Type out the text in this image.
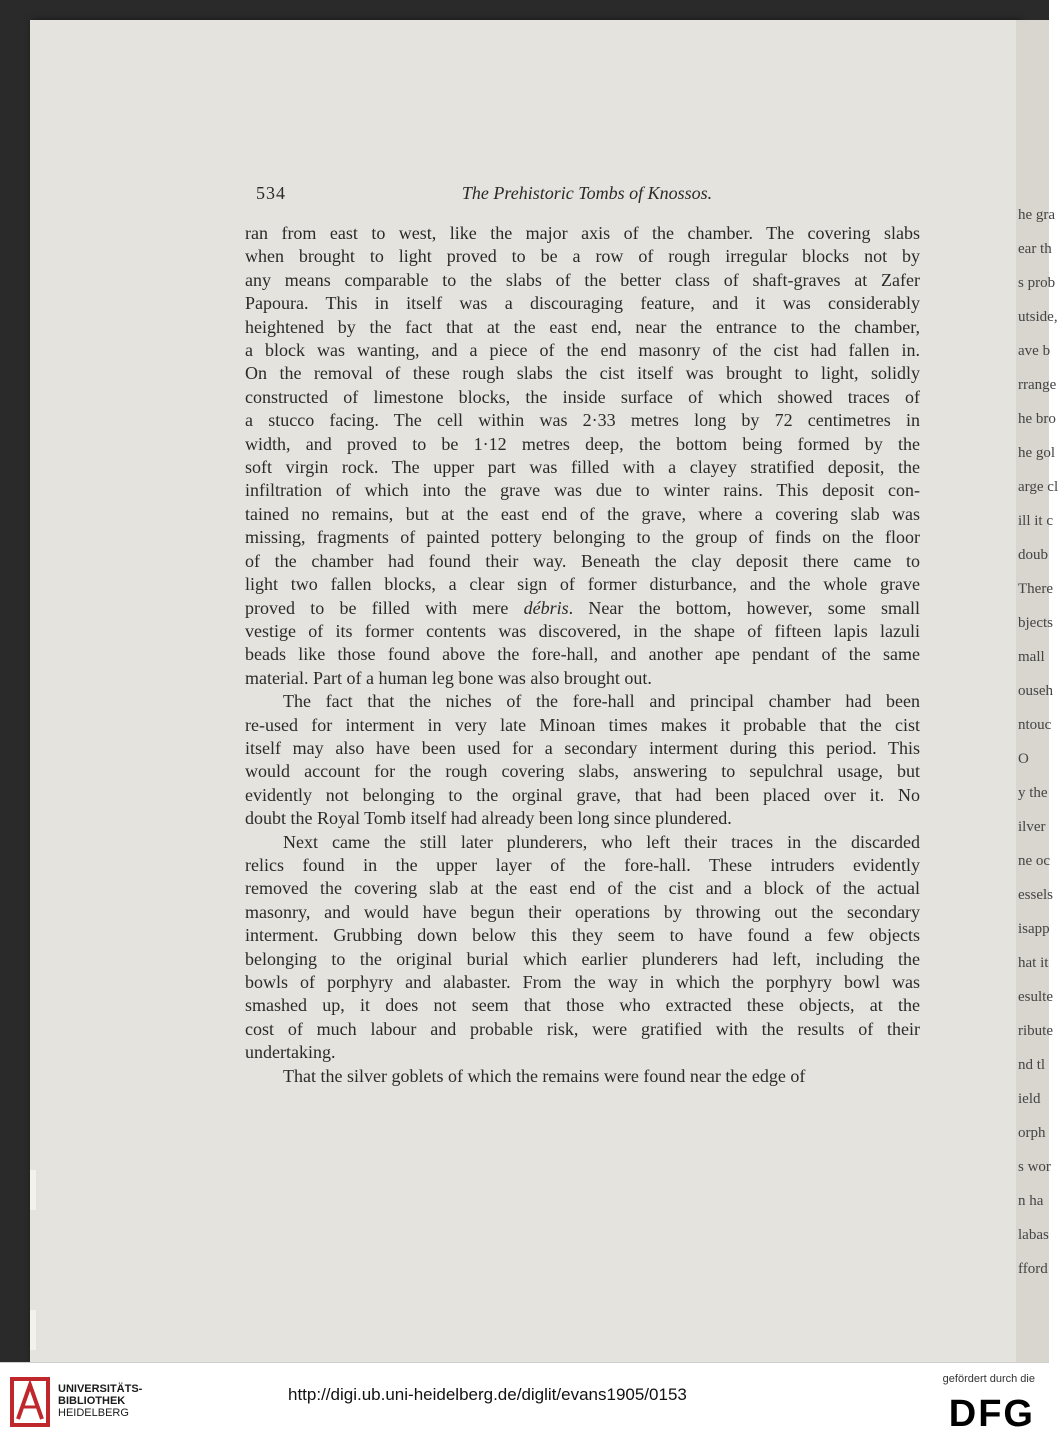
he gra
ear th
s prob
utside,
ave b
rrange
he bro
he gol
arge cl
ill it c
doub
There
bjects
mall
ouseh
ntouc
O
y the
ilver
ne oc
essels
isapp
hat it
esulte
ribute
nd tl
ield
orph
s wor
n ha
labas
fford
534	The Prehistoric Tombs of Knossos.

ran from east to west, like the major axis of the chamber. The covering slabs

when brought to light proved to be a row of rough irregular blocks not by

any means comparable to the slabs of the better class of shaft-graves at Zafer

Papoura. This in itself was a discouraging feature, and it was considerably

heightened by the fact that at the east end, near the entrance to the chamber,

a block was wanting, and a piece of the end masonry of the cist had fallen in.

On the removal of these rough slabs the cist itself was brought to light, solidly

constructed of limestone blocks, the inside surface of which showed traces of

a stucco facing. The cell within was 2·33 metres long by 72 centimetres in

width, and proved to be 1·12 metres deep, the bottom being formed by the

soft virgin rock. The upper part was filled with a clayey stratified deposit, the

infiltration of which into the grave was due to winter rains. This deposit con-

tained no remains, but at the east end of the grave, where a covering slab was

missing, fragments of painted pottery belonging to the group of finds on the floor

of the chamber had found their way. Beneath the clay deposit there came to

light two fallen blocks, a clear sign of former disturbance, and the whole grave

proved to be filled with mere débris. Near the bottom, however, some small

vestige of its former contents was discovered, in the shape of fifteen lapis lazuli

beads like those found above the fore-hall, and another ape pendant of the same

material. Part of a human leg bone was also brought out.

The fact that the niches of the fore-hall and principal chamber had been

re-used for interment in very late Minoan times makes it probable that the cist

itself may also have been used for a secondary interment during this period. This

would account for the rough covering slabs, answering to sepulchral usage, but

evidently not belonging to the orginal grave, that had been placed over it. No

doubt the Royal Tomb itself had already been long since plundered.

Next came the still later plunderers, who left their traces in the discarded

relics found in the upper layer of the fore-hall. These intruders evidently

removed the covering slab at the east end of the cist and a block of the actual

masonry, and would have begun their operations by throwing out the secondary

interment. Grubbing down below this they seem to have found a few objects

belonging to the original burial which earlier plunderers had left, including the

bowls of porphyry and alabaster. From the way in which the porphyry bowl was

smashed up, it does not seem that those who extracted these objects, at the

cost of much labour and probable risk, were gratified with the results of their

undertaking.

That the silver goblets of which the remains were found near the edge of

UNIVERSITÄTS-
BIBLIOTHEK
HEIDELBERG
http://digi.ub.uni-heidelberg.de/diglit/evans1905/0153
gefördert durch die
DFG
